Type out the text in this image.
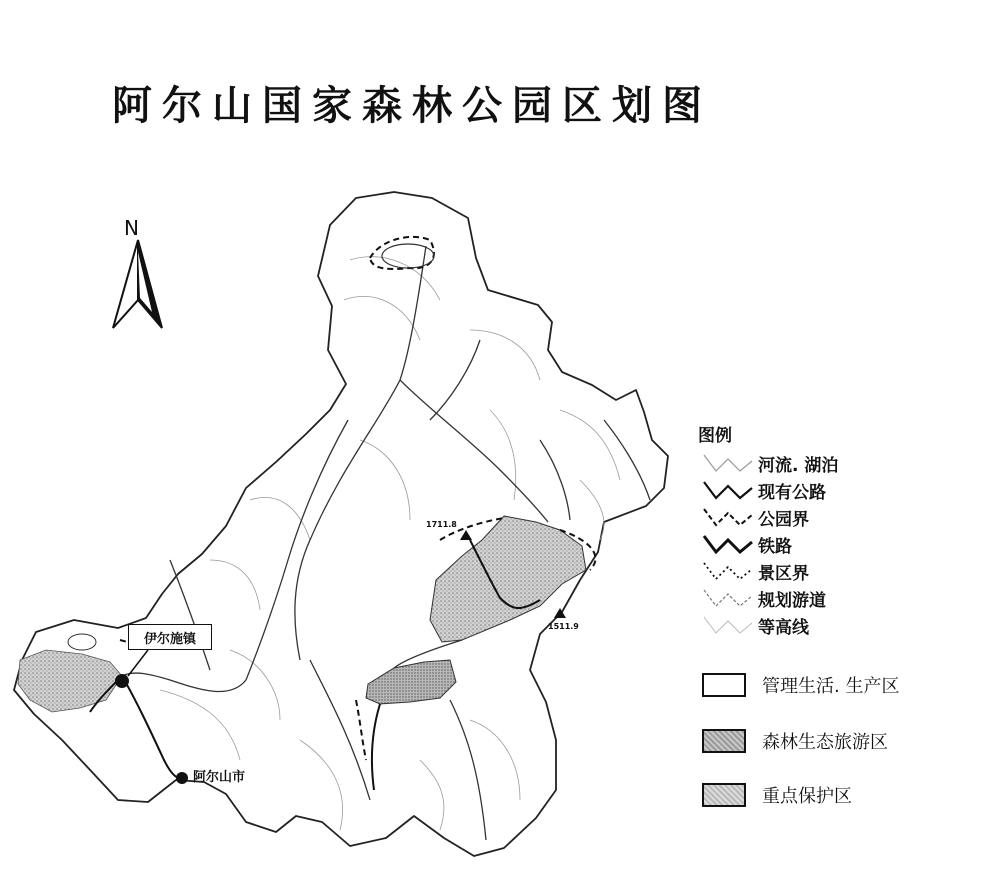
阿尔山国家森林公园区划图
N
伊尔施镇
阿尔山市
1711.8
1511.9
图例
河流. 湖泊
现有公路
公园界
铁路
景区界
规划游道
等高线
管理生活. 生产区
森林生态旅游区
重点保护区
